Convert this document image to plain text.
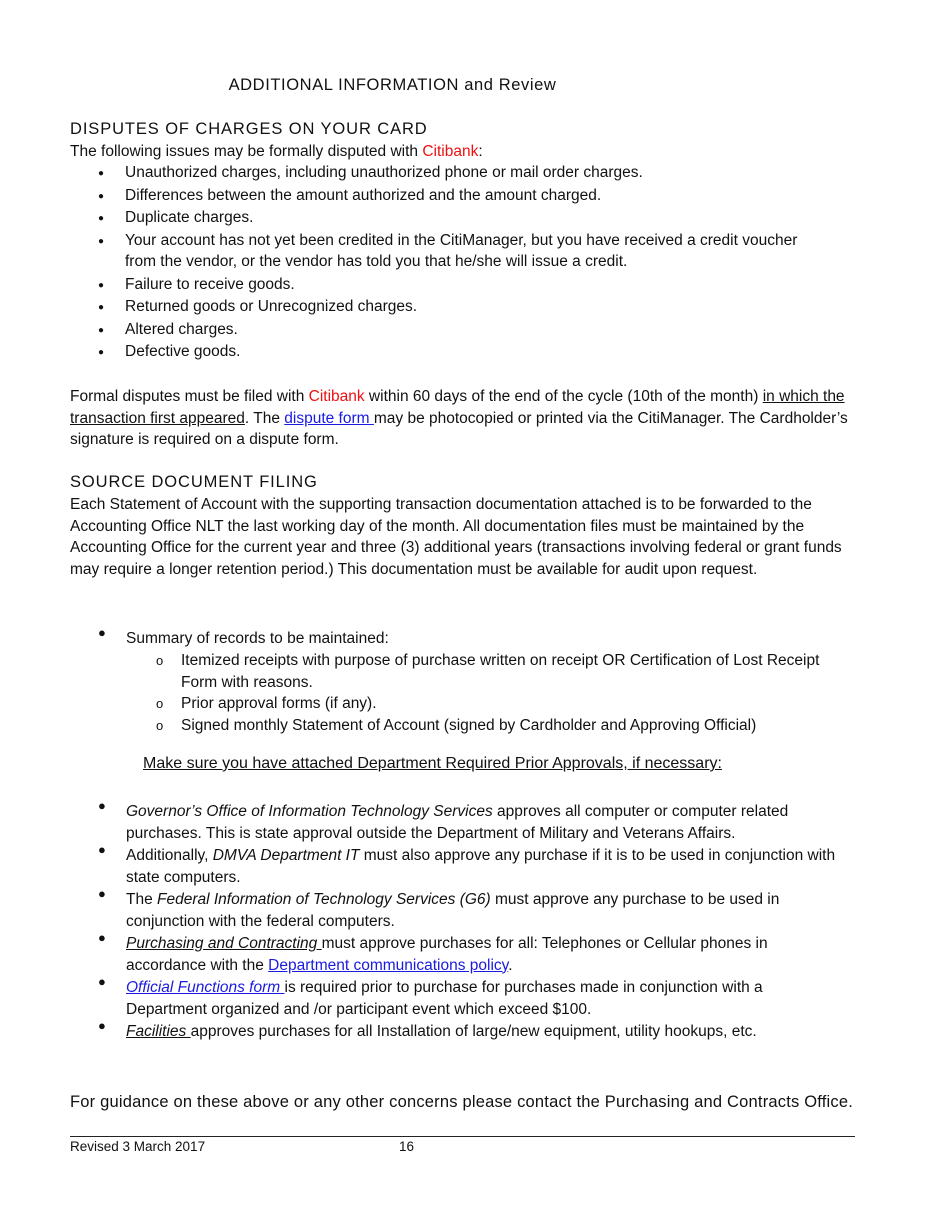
ADDITIONAL INFORMATION and Review
DISPUTES OF CHARGES ON YOUR CARD
The following issues may be formally disputed with Citibank:
● Unauthorized charges, including unauthorized phone or mail order charges.
● Differences between the amount authorized and the amount charged.
● Duplicate charges.
● Your account has not yet been credited in the CitiManager, but you have received a credit voucher from the vendor, or the vendor has told you that he/she will issue a credit.
● Failure to receive goods.
● Returned goods or Unrecognized charges.
● Altered charges.
● Defective goods.
Formal disputes must be filed with Citibank within 60 days of the end of the cycle (10th of the month) in which the transaction first appeared. The dispute form may be photocopied or printed via the CitiManager. The Cardholder’s signature is required on a dispute form.
SOURCE DOCUMENT FILING
Each Statement of Account with the supporting transaction documentation attached is to be forwarded to the Accounting Office NLT the last working day of the month. All documentation files must be maintained by the Accounting Office for the current year and three (3) additional years (transactions involving federal or grant funds may require a longer retention period.) This documentation must be available for audit upon request.
● Summary of records to be maintained:
o Itemized receipts with purpose of purchase written on receipt OR Certification of Lost Receipt Form with reasons.
o Prior approval forms (if any).
o Signed monthly Statement of Account (signed by Cardholder and Approving Official)
Make sure you have attached Department Required Prior Approvals, if necessary:
● Governor’s Office of Information Technology Services approves all computer or computer related purchases. This is state approval outside the Department of Military and Veterans Affairs.
● Additionally, DMVA Department IT must also approve any purchase if it is to be used in conjunction with state computers.
● The Federal Information of Technology Services (G6) must approve any purchase to be used in conjunction with the federal computers.
● Purchasing and Contracting must approve purchases for all: Telephones or Cellular phones in accordance with the Department communications policy.
● Official Functions form is required prior to purchase for purchases made in conjunction with a Department organized and /or participant event which exceed $100.
● Facilities approves purchases for all Installation of large/new equipment, utility hookups, etc.
For guidance on these above or any other concerns please contact the Purchasing and Contracts Office.
Revised 3 March 2017	16
